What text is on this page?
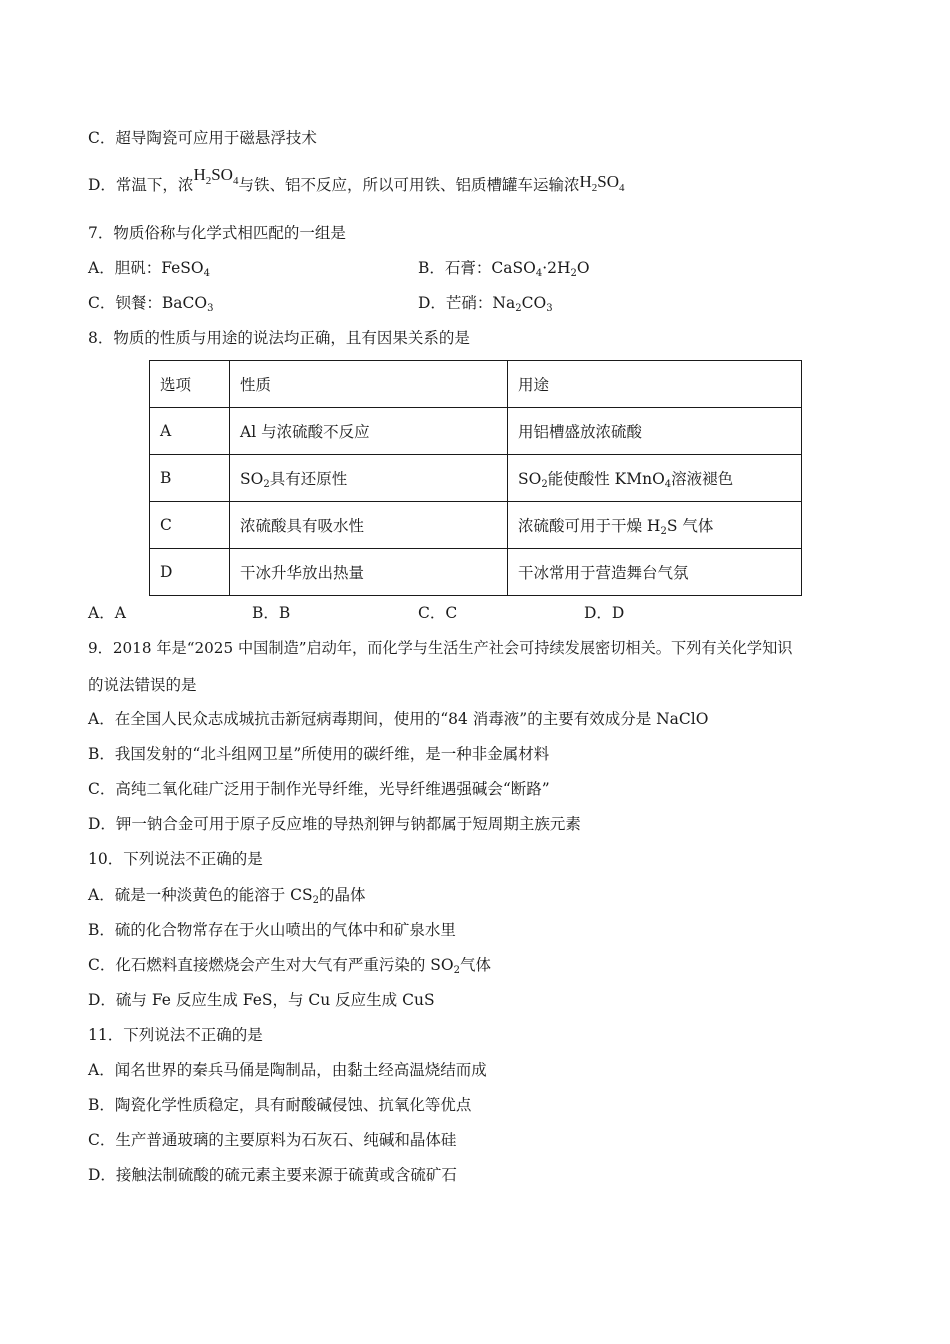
C．超导陶瓷可应用于磁悬浮技术
D．常温下，浓$H_2SO_4$与铁、铝不反应，所以可用铁、铝质槽罐车运输浓$H_2SO_4$
7．物质俗称与化学式相匹配的一组是
A．胆矾：FeSO$_4$	B．石膏：$CaSO_4\cdot 2H_2O$
C．钡餐：BaCO$_3$	D．芒硝：$Na_2CO_3$
8．物质的性质与用途的说法均正确，且有因果关系的是
选项	性质	用途
A	Al 与浓硫酸不反应	用铝槽盛放浓硫酸
B	$SO_2$具有还原性	$SO_2$能使酸性 KMnO$_4$溶液褪色
C	浓硫酸具有吸水性	浓硫酸可用于干燥 $H_2S$ 气体
D	干冰升华放出热量	干冰常用于营造舞台气氛
A．A	B．B	C．C	D．D
9．2018 年是“2025 中国制造”启动年，而化学与生活生产社会可持续发展密切相关。下列有关化学知识
的说法错误的是
A．在全国人民众志成城抗击新冠病毒期间，使用的“84 消毒液”的主要有效成分是 NaClO
B．我国发射的“北斗组网卫星”所使用的碳纤维，是一种非金属材料
C．高纯二氧化硅广泛用于制作光导纤维，光导纤维遇强碱会“断路”
D．钾一钠合金可用于原子反应堆的导热剂钾与钠都属于短周期主族元素
10．下列说法不正确的是
A．硫是一种淡黄色的能溶于 $CS_2$的晶体
B．硫的化合物常存在于火山喷出的气体中和矿泉水里
C．化石燃料直接燃烧会产生对大气有严重污染的 $SO_2$气体
D．硫与 Fe 反应生成 FeS，与 Cu 反应生成 CuS
11．下列说法不正确的是
A．闻名世界的秦兵马俑是陶制品，由黏土经高温烧结而成
B．陶瓷化学性质稳定，具有耐酸碱侵蚀、抗氧化等优点
C．生产普通玻璃的主要原料为石灰石、纯碱和晶体硅
D．接触法制硫酸的硫元素主要来源于硫黄或含硫矿石
